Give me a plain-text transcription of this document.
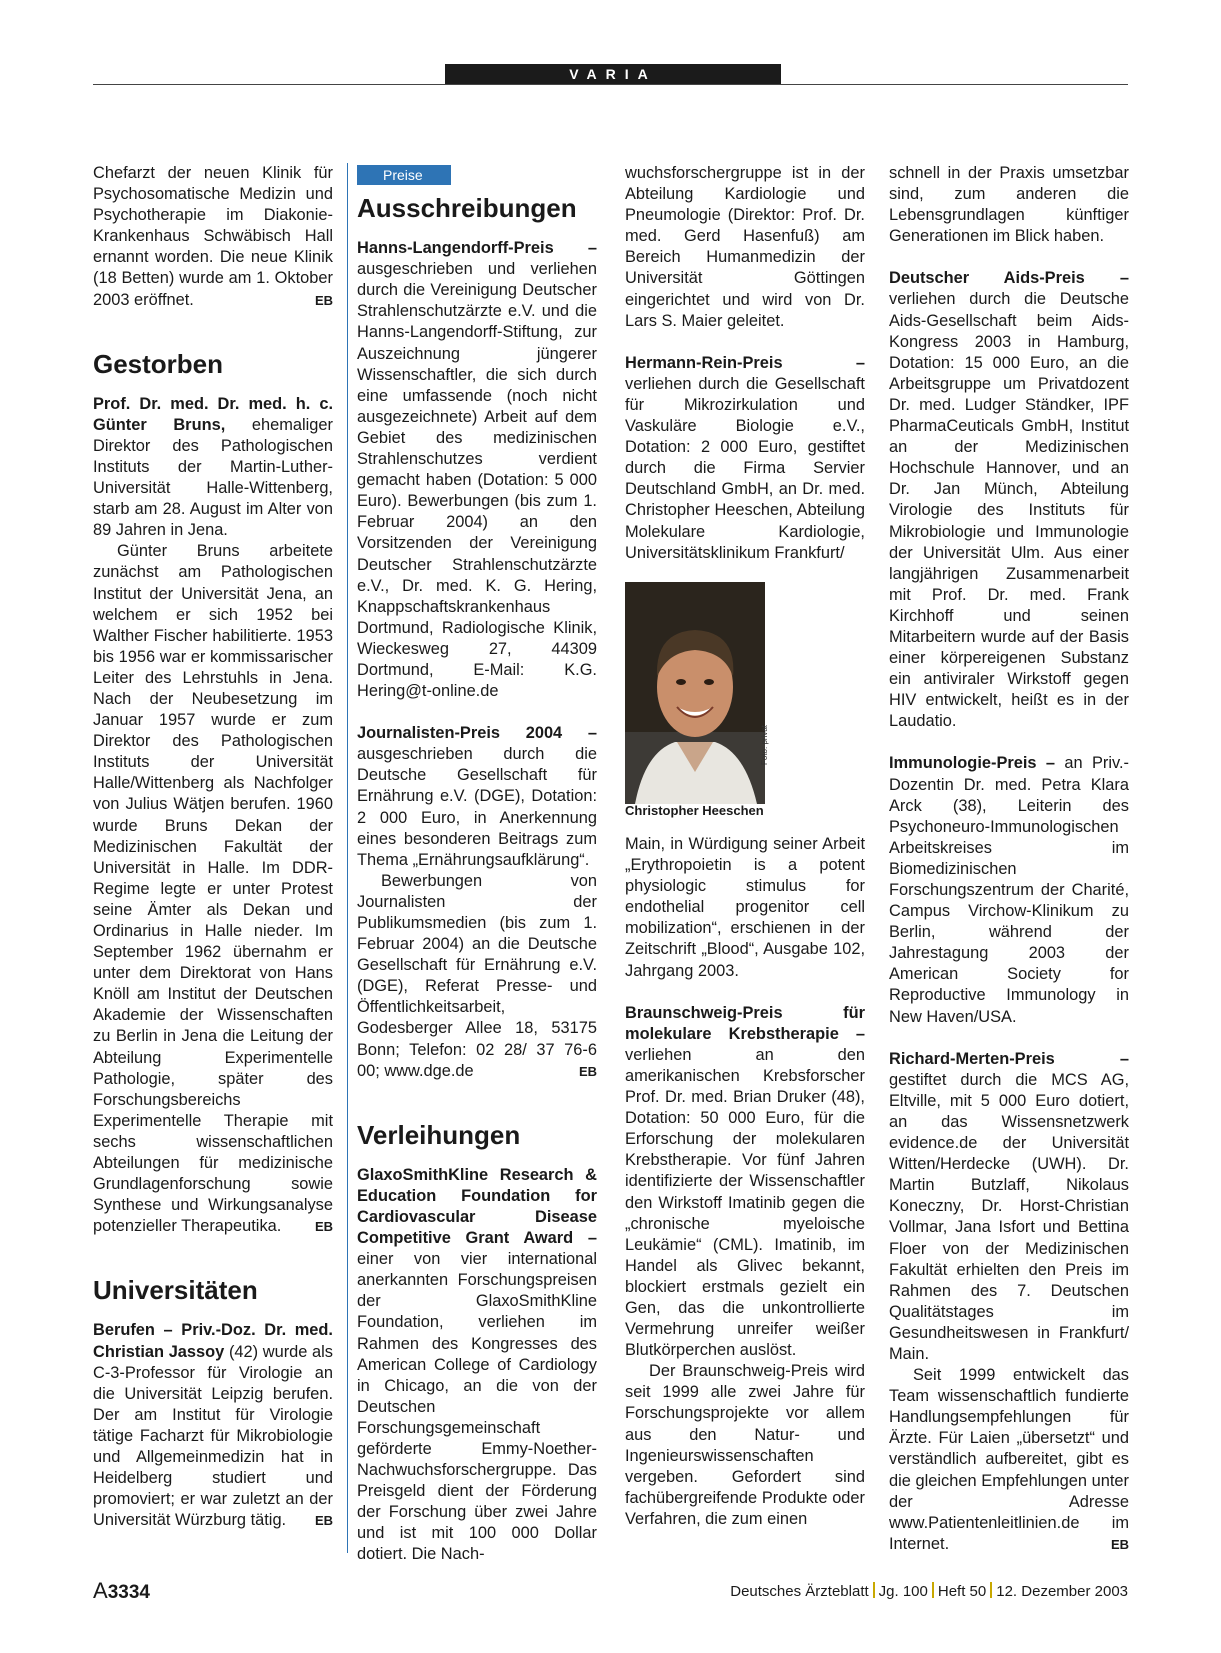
VARIA

Chefarzt der neuen Klinik für Psychosomatische Medizin und Psychotherapie im Diakonie-Krankenhaus Schwäbisch Hall ernannt worden. Die neue Klinik (18 Betten) wurde am 1. Oktober 2003 eröffnet.	EB

Gestorben

Prof. Dr. med. Dr. med. h. c. Günter Bruns, ehemaliger Direktor des Pathologischen Instituts der Martin-Luther-Universität Halle-Wittenberg, starb am 28. August im Alter von 89 Jahren in Jena.

Günter Bruns arbeitete zunächst am Pathologischen Institut der Universität Jena, an welchem er sich 1952 bei Walther Fischer habilitierte. 1953 bis 1956 war er kommissarischer Leiter des Lehrstuhls in Jena. Nach der Neubesetzung im Januar 1957 wurde er zum Direktor des Pathologischen Instituts der Universität Halle/Wittenberg als Nachfolger von Julius Wätjen berufen. 1960 wurde Bruns Dekan der Medizinischen Fakultät der Universität in Halle. Im DDR-Regime legte er unter Protest seine Ämter als Dekan und Ordinarius in Halle nieder. Im September 1962 übernahm er unter dem Direktorat von Hans Knöll am Institut der Deutschen Akademie der Wissenschaften zu Berlin in Jena die Leitung der Abteilung Experimentelle Pathologie, später des Forschungsbereichs Experimentelle Therapie mit sechs wissenschaftlichen Abteilungen für medizinische Grundlagenforschung sowie Synthese und Wirkungsanalyse potenzieller Therapeutika.	EB

Universitäten

Berufen – Priv.-Doz. Dr. med. Christian Jassoy (42) wurde als C-3-Professor für Virologie an die Universität Leipzig berufen. Der am Institut für Virologie tätige Facharzt für Mikrobiologie und Allgemeinmedizin hat in Heidelberg studiert und promoviert; er war zuletzt an der Universität Würzburg tätig. EB

Preise
Ausschreibungen

Hanns-Langendorff-Preis – ausgeschrieben und verliehen durch die Vereinigung Deutscher Strahlenschutzärzte e.V. und die Hanns-Langendorff-Stiftung, zur Auszeichnung jüngerer Wissenschaftler, die sich durch eine umfassende (noch nicht ausgezeichnete) Arbeit auf dem Gebiet des medizinischen Strahlenschutzes verdient gemacht haben (Dotation: 5 000 Euro). Bewerbungen (bis zum 1. Februar 2004) an den Vorsitzenden der Vereinigung Deutscher Strahlenschutzärzte e.V., Dr. med. K. G. Hering, Knappschaftskrankenhaus Dortmund, Radiologische Klinik, Wieckesweg 27, 44309 Dortmund, E-Mail: K.G. Hering@t-online.de

Journalisten-Preis 2004 – ausgeschrieben durch die Deutsche Gesellschaft für Ernährung e.V. (DGE), Dotation: 2 000 Euro, in Anerkennung eines besonderen Beitrags zum Thema „Ernährungsaufklärung“.

Bewerbungen von Journalisten der Publikumsmedien (bis zum 1. Februar 2004) an die Deutsche Gesellschaft für Ernährung e.V. (DGE), Referat Presse- und Öffentlichkeitsarbeit, Godesberger Allee 18, 53175 Bonn; Telefon: 02 28/ 37 76-6 00; www.dge.de	EB

Verleihungen

GlaxoSmithKline Research & Education Foundation for Cardiovascular Disease Competitive Grant Award – einer von vier international anerkannten Forschungspreisen der GlaxoSmithKline Foundation, verliehen im Rahmen des Kongresses des American College of Cardiology in Chicago, an die von der Deutschen Forschungsgemeinschaft geförderte Emmy-Noether-Nachwuchsforschergruppe. Das Preisgeld dient der Förderung der Forschung über zwei Jahre und ist mit 100 000 Dollar dotiert. Die Nach-

wuchsforschergruppe ist in der Abteilung Kardiologie und Pneumologie (Direktor: Prof. Dr. med. Gerd Hasenfuß) am Bereich Humanmedizin der Universität Göttingen eingerichtet und wird von Dr. Lars S. Maier geleitet.

Hermann-Rein-Preis – verliehen durch die Gesellschaft für Mikrozirkulation und Vaskuläre Biologie e.V., Dotation: 2 000 Euro, gestiftet durch die Firma Servier Deutschland GmbH, an Dr. med. Christopher Heeschen, Abteilung Molekulare Kardiologie, Universitätsklinikum Frankfurt/

Foto: privat
Christopher Heeschen

Main, in Würdigung seiner Arbeit „Erythropoietin is a potent physiologic stimulus for endothelial progenitor cell mobilization“, erschienen in der Zeitschrift „Blood“, Ausgabe 102, Jahrgang 2003.

Braunschweig-Preis für molekulare Krebstherapie – verliehen an den amerikanischen Krebsforscher Prof. Dr. med. Brian Druker (48), Dotation: 50 000 Euro, für die Erforschung der molekularen Krebstherapie. Vor fünf Jahren identifizierte der Wissenschaftler den Wirkstoff Imatinib gegen die „chronische myeloische Leukämie“ (CML). Imatinib, im Handel als Glivec bekannt, blockiert erstmals gezielt ein Gen, das die unkontrollierte Vermehrung unreifer weißer Blutkörperchen auslöst.

Der Braunschweig-Preis wird seit 1999 alle zwei Jahre für Forschungsprojekte vor allem aus den Natur- und Ingenieurswissenschaften vergeben. Gefordert sind fachübergreifende Produkte oder Verfahren, die zum einen

schnell in der Praxis umsetzbar sind, zum anderen die Lebensgrundlagen künftiger Generationen im Blick haben.

Deutscher Aids-Preis – verliehen durch die Deutsche Aids-Gesellschaft beim Aids-Kongress 2003 in Hamburg, Dotation: 15 000 Euro, an die Arbeitsgruppe um Privatdozent Dr. med. Ludger Ständker, IPF PharmaCeuticals GmbH, Institut an der Medizinischen Hochschule Hannover, und an Dr. Jan Münch, Abteilung Virologie des Instituts für Mikrobiologie und Immunologie der Universität Ulm. Aus einer langjährigen Zusammenarbeit mit Prof. Dr. med. Frank Kirchhoff und seinen Mitarbeitern wurde auf der Basis einer körpereigenen Substanz ein antiviraler Wirkstoff gegen HIV entwickelt, heißt es in der Laudatio.

Immunologie-Preis – an Priv.-Dozentin Dr. med. Petra Klara Arck (38), Leiterin des Psychoneuro-Immunologischen Arbeitskreises im Biomedizinischen Forschungszentrum der Charité, Campus Virchow-Klinikum zu Berlin, während der Jahrestagung 2003 der American Society for Reproductive Immunology in New Haven/USA.

Richard-Merten-Preis – gestiftet durch die MCS AG, Eltville, mit 5 000 Euro dotiert, an das Wissensnetzwerk evidence.de der Universität Witten/Herdecke (UWH). Dr. Martin Butzlaff, Nikolaus Koneczny, Dr. Horst-Christian Vollmar, Jana Isfort und Bettina Floer von der Medizinischen Fakultät erhielten den Preis im Rahmen des 7. Deutschen Qualitätstages im Gesundheitswesen in Frankfurt/ Main.

Seit 1999 entwickelt das Team wissenschaftlich fundierte Handlungsempfehlungen für Ärzte. Für Laien „übersetzt“ und verständlich aufbereitet, gibt es die gleichen Empfehlungen unter der Adresse www.Patientenleitlinien.de im Internet.	EB

A3334	Deutsches Ärzteblatt Jg. 100 Heft 50 12. Dezember 2003
